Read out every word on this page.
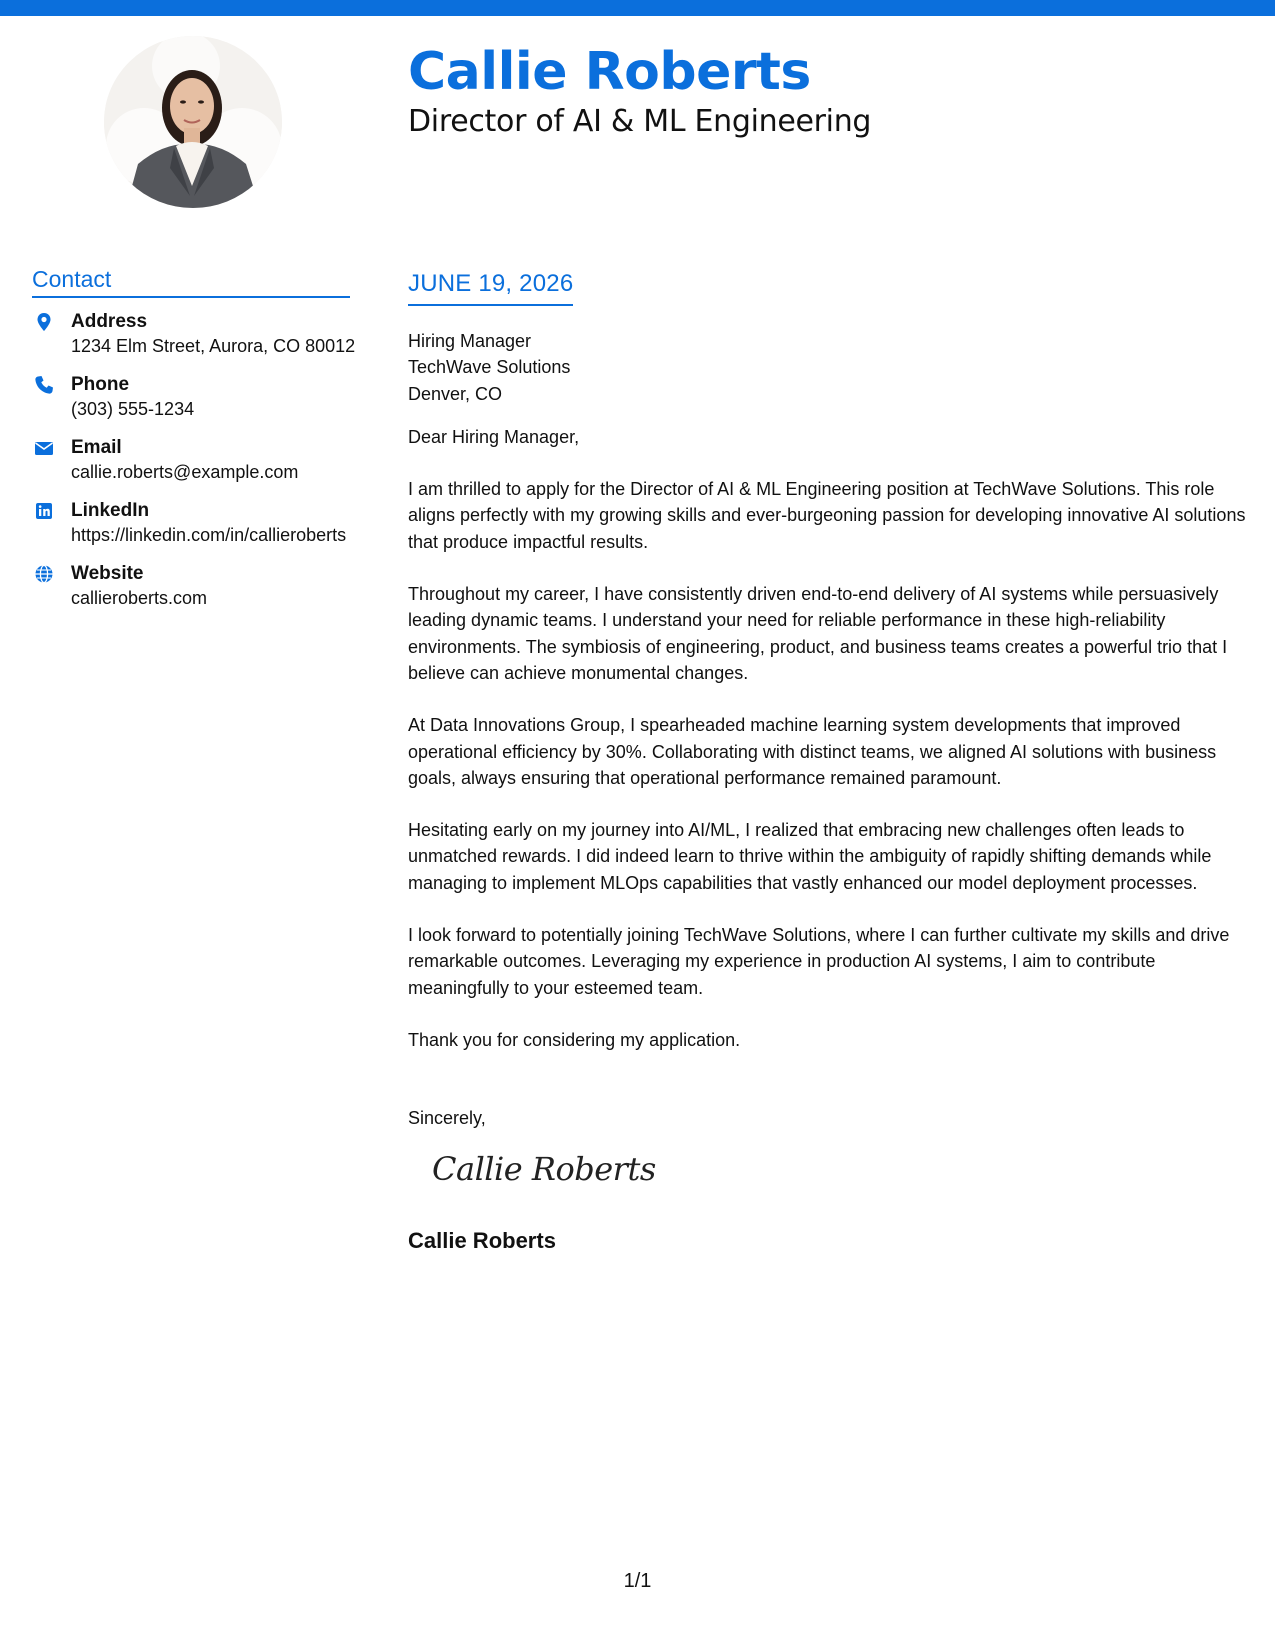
Callie Roberts
Director of AI & ML Engineering
Contact
Address
1234 Elm Street, Aurora, CO 80012
Phone
(303) 555-1234
Email
callie.roberts@example.com
LinkedIn
https://linkedin.com/in/callieroberts
Website
callieroberts.com
JUNE 19, 2026
Hiring Manager
TechWave Solutions
Denver, CO
Dear Hiring Manager,
I am thrilled to apply for the Director of AI & ML Engineering position at TechWave Solutions. This role aligns perfectly with my growing skills and ever-burgeoning passion for developing innovative AI solutions that produce impactful results.
Throughout my career, I have consistently driven end-to-end delivery of AI systems while persuasively leading dynamic teams. I understand your need for reliable performance in these high-reliability environments. The symbiosis of engineering, product, and business teams creates a powerful trio that I believe can achieve monumental changes.
At Data Innovations Group, I spearheaded machine learning system developments that improved operational efficiency by 30%. Collaborating with distinct teams, we aligned AI solutions with business goals, always ensuring that operational performance remained paramount.
Hesitating early on my journey into AI/ML, I realized that embracing new challenges often leads to unmatched rewards. I did indeed learn to thrive within the ambiguity of rapidly shifting demands while managing to implement MLOps capabilities that vastly enhanced our model deployment processes.
I look forward to potentially joining TechWave Solutions, where I can further cultivate my skills and drive remarkable outcomes. Leveraging my experience in production AI systems, I aim to contribute meaningfully to your esteemed team.
Thank you for considering my application.
Sincerely,
Callie Roberts
Callie Roberts
1/1
